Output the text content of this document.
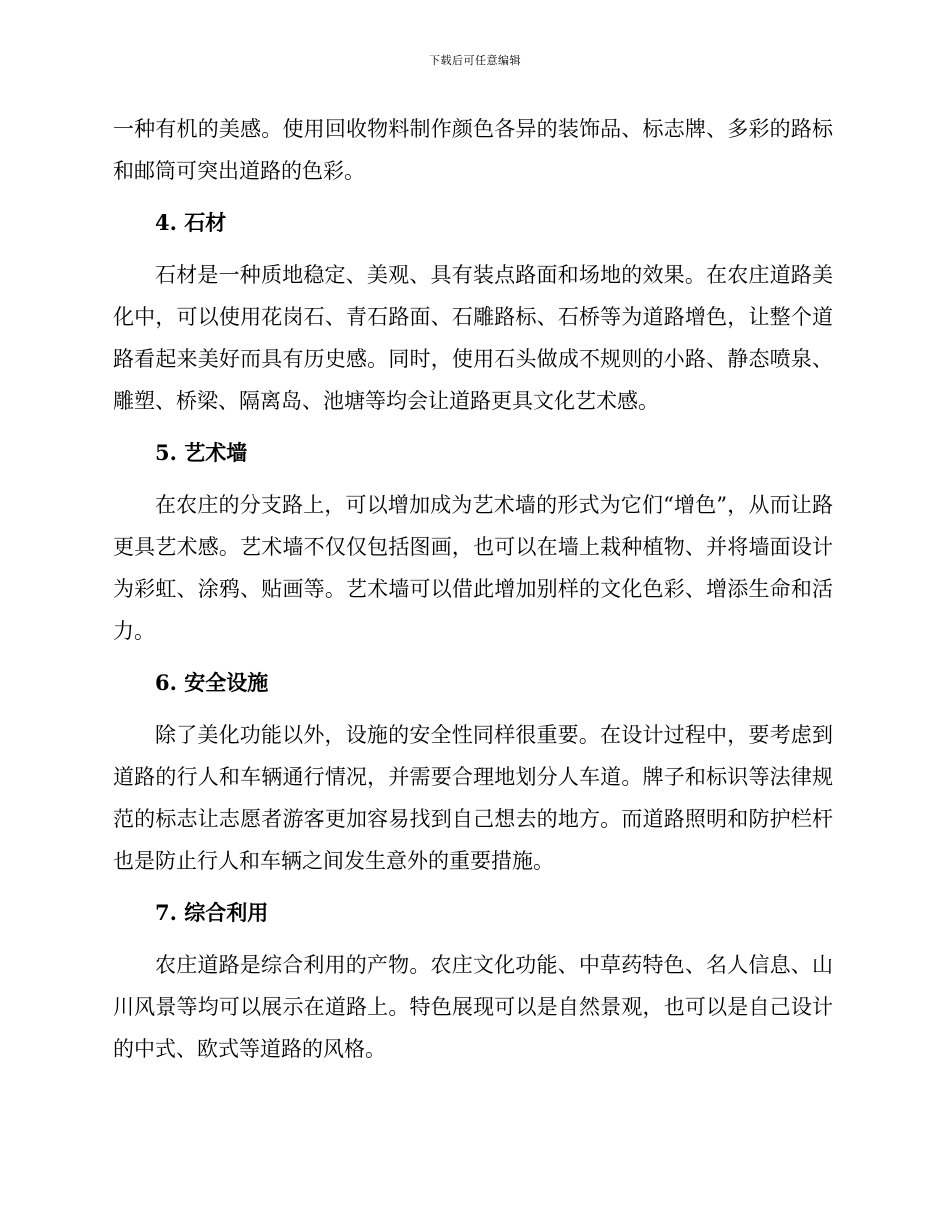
下载后可任意编辑

一种有机的美感。使用回收物料制作颜色各异的装饰品、标志牌、多彩的路标和邮筒可突出道路的色彩。

4. 石材

石材是一种质地稳定、美观、具有装点路面和场地的效果。在农庄道路美化中，可以使用花岗石、青石路面、石雕路标、石桥等为道路增色，让整个道路看起来美好而具有历史感。同时，使用石头做成不规则的小路、静态喷泉、雕塑、桥梁、隔离岛、池塘等均会让道路更具文化艺术感。

5. 艺术墙

在农庄的分支路上，可以增加成为艺术墙的形式为它们“增色”，从而让路更具艺术感。艺术墙不仅仅包括图画，也可以在墙上栽种植物、并将墙面设计为彩虹、涂鸦、贴画等。艺术墙可以借此增加别样的文化色彩、增添生命和活力。

6. 安全设施

除了美化功能以外，设施的安全性同样很重要。在设计过程中，要考虑到道路的行人和车辆通行情况，并需要合理地划分人车道。牌子和标识等法律规范的标志让志愿者游客更加容易找到自己想去的地方。而道路照明和防护栏杆也是防止行人和车辆之间发生意外的重要措施。

7. 综合利用

农庄道路是综合利用的产物。农庄文化功能、中草药特色、名人信息、山川风景等均可以展示在道路上。特色展现可以是自然景观，也可以是自己设计的中式、欧式等道路的风格。
